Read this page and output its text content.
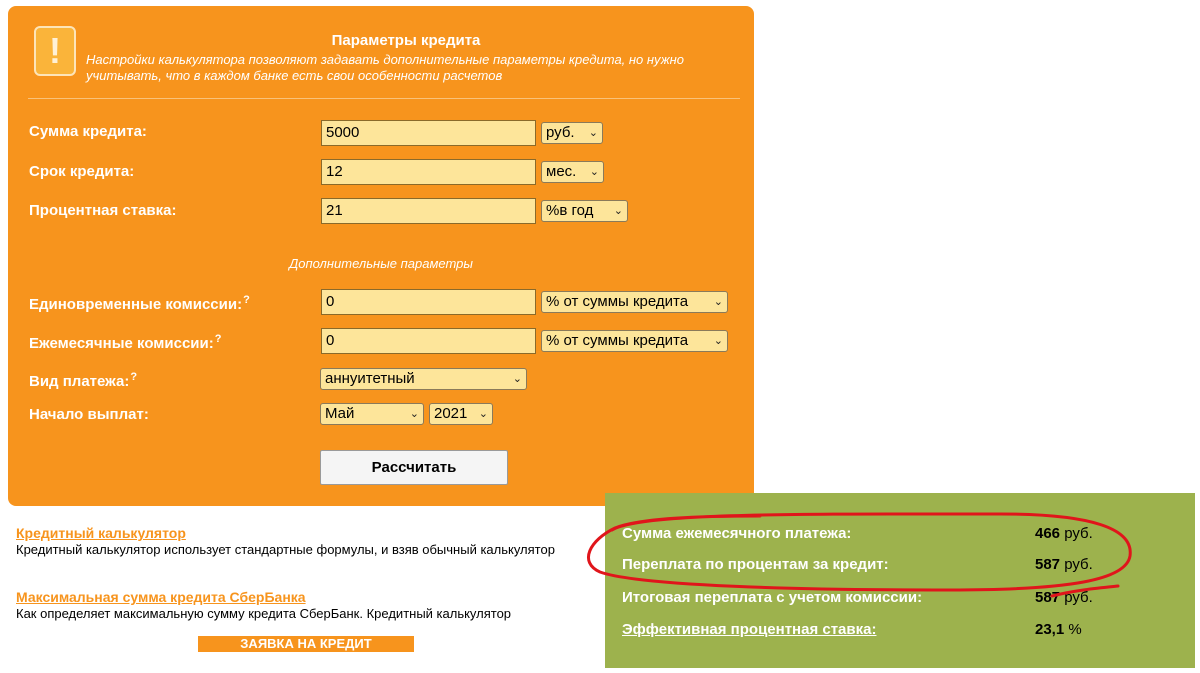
!	Параметры кредита
Настройки калькулятора позволяют задавать дополнительные параметры кредита, но нужно учитывать, что в каждом банке есть свои особенности расчетов
Сумма кредита:	5000	руб. ⌄
Срок кредита:	12	мес. ⌄
Процентная ставка:	21	%в год ⌄
Дополнительные параметры
Единовременные комиссии:?	0	% от суммы кредита ⌄
Ежемесячные комиссии:?	0	% от суммы кредита ⌄
Вид платежа:?	аннуитетный	⌄
Начало выплат:	Май	⌄	2021 ⌄
Рассчитать
Кредитный калькулятор
Кредитный калькулятор использует стандартные формулы, и взяв обычный калькулятор
Максимальная сумма кредита СберБанка
Как определяет максимальную сумму кредита СберБанк. Кредитный калькулятор
ЗАЯВКА НА КРЕДИТ
Сумма ежемесячного платежа:	466 руб.
Переплата по процентам за кредит:	587 руб.
Итоговая переплата с учетом комиссии:	587 руб.
Эффективная процентная ставка:	23,1 %
